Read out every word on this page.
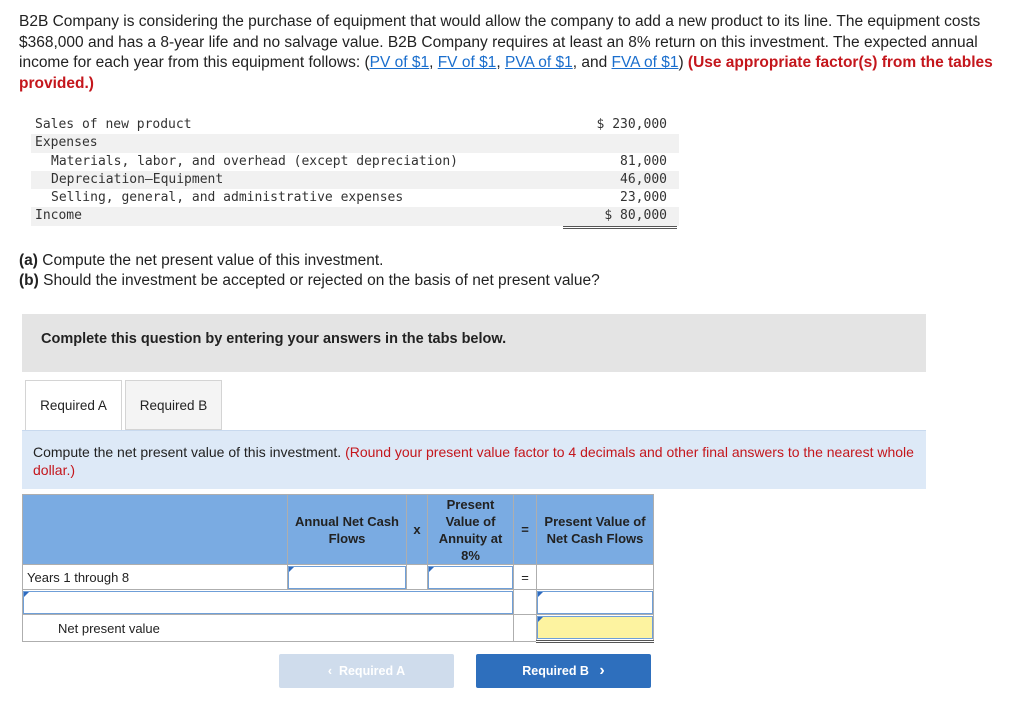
B2B Company is considering the purchase of equipment that would allow the company to add a new product to its line. The equipment costs $368,000 and has a 8-year life and no salvage value. B2B Company requires at least an 8% return on this investment. The expected annual income for each year from this equipment follows: (PV of $1, FV of $1, PVA of $1, and FVA of $1) (Use appropriate factor(s) from the tables provided.)
Sales of new product	$ 230,000
Expenses
Materials, labor, and overhead (except depreciation)	81,000
Depreciation—Equipment	46,000
Selling, general, and administrative expenses	23,000
Income	$ 80,000
(a) Compute the net present value of this investment.
(b) Should the investment be accepted or rejected on the basis of net present value?
Complete this question by entering your answers in the tabs below.
Required A	Required B

Compute the net present value of this investment. (Round your present value factor to 4 decimals and other final answers to the nearest whole dollar.)

	Annual Net Cash Flows	x	Present Value of Annuity at 8%	=	Present Value of Net Cash Flows
Years 1 through 8				=	

Net present value					
‹ Required A	Required B ›
